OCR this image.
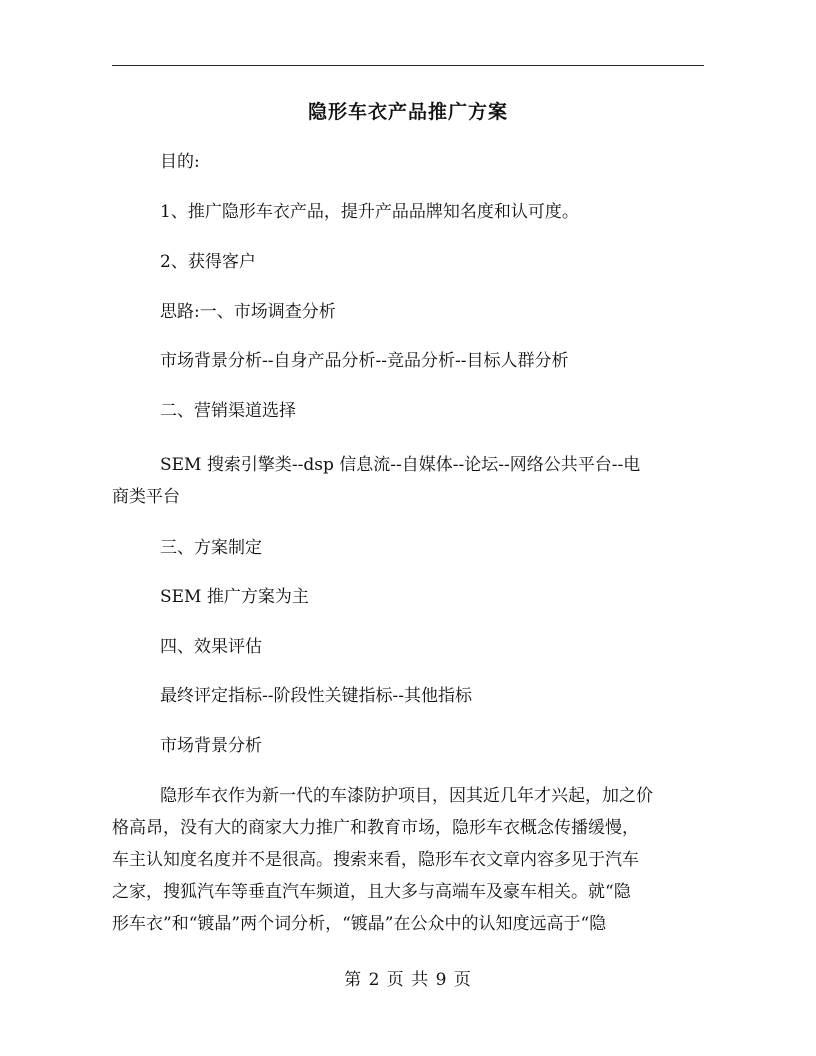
隐形车衣产品推广方案
目的:
1、推广隐形车衣产品，提升产品品牌知名度和认可度。
2、获得客户
思路:一、市场调查分析
市场背景分析--自身产品分析--竞品分析--目标人群分析
二、营销渠道选择
SEM 搜索引擎类--dsp 信息流--自媒体--论坛--网络公共平台--电
商类平台
三、方案制定
SEM 推广方案为主
四、效果评估
最终评定指标--阶段性关键指标--其他指标
市场背景分析
隐形车衣作为新一代的车漆防护项目，因其近几年才兴起，加之价
格高昂，没有大的商家大力推广和教育市场，隐形车衣概念传播缓慢，
车主认知度名度并不是很高。搜索来看，隐形车衣文章内容多见于汽车
之家，搜狐汽车等垂直汽车频道，且大多与高端车及豪车相关。就“隐
形车衣”和“镀晶”两个词分析，“镀晶”在公众中的认知度远高于“隐
第 2 页 共 9 页
